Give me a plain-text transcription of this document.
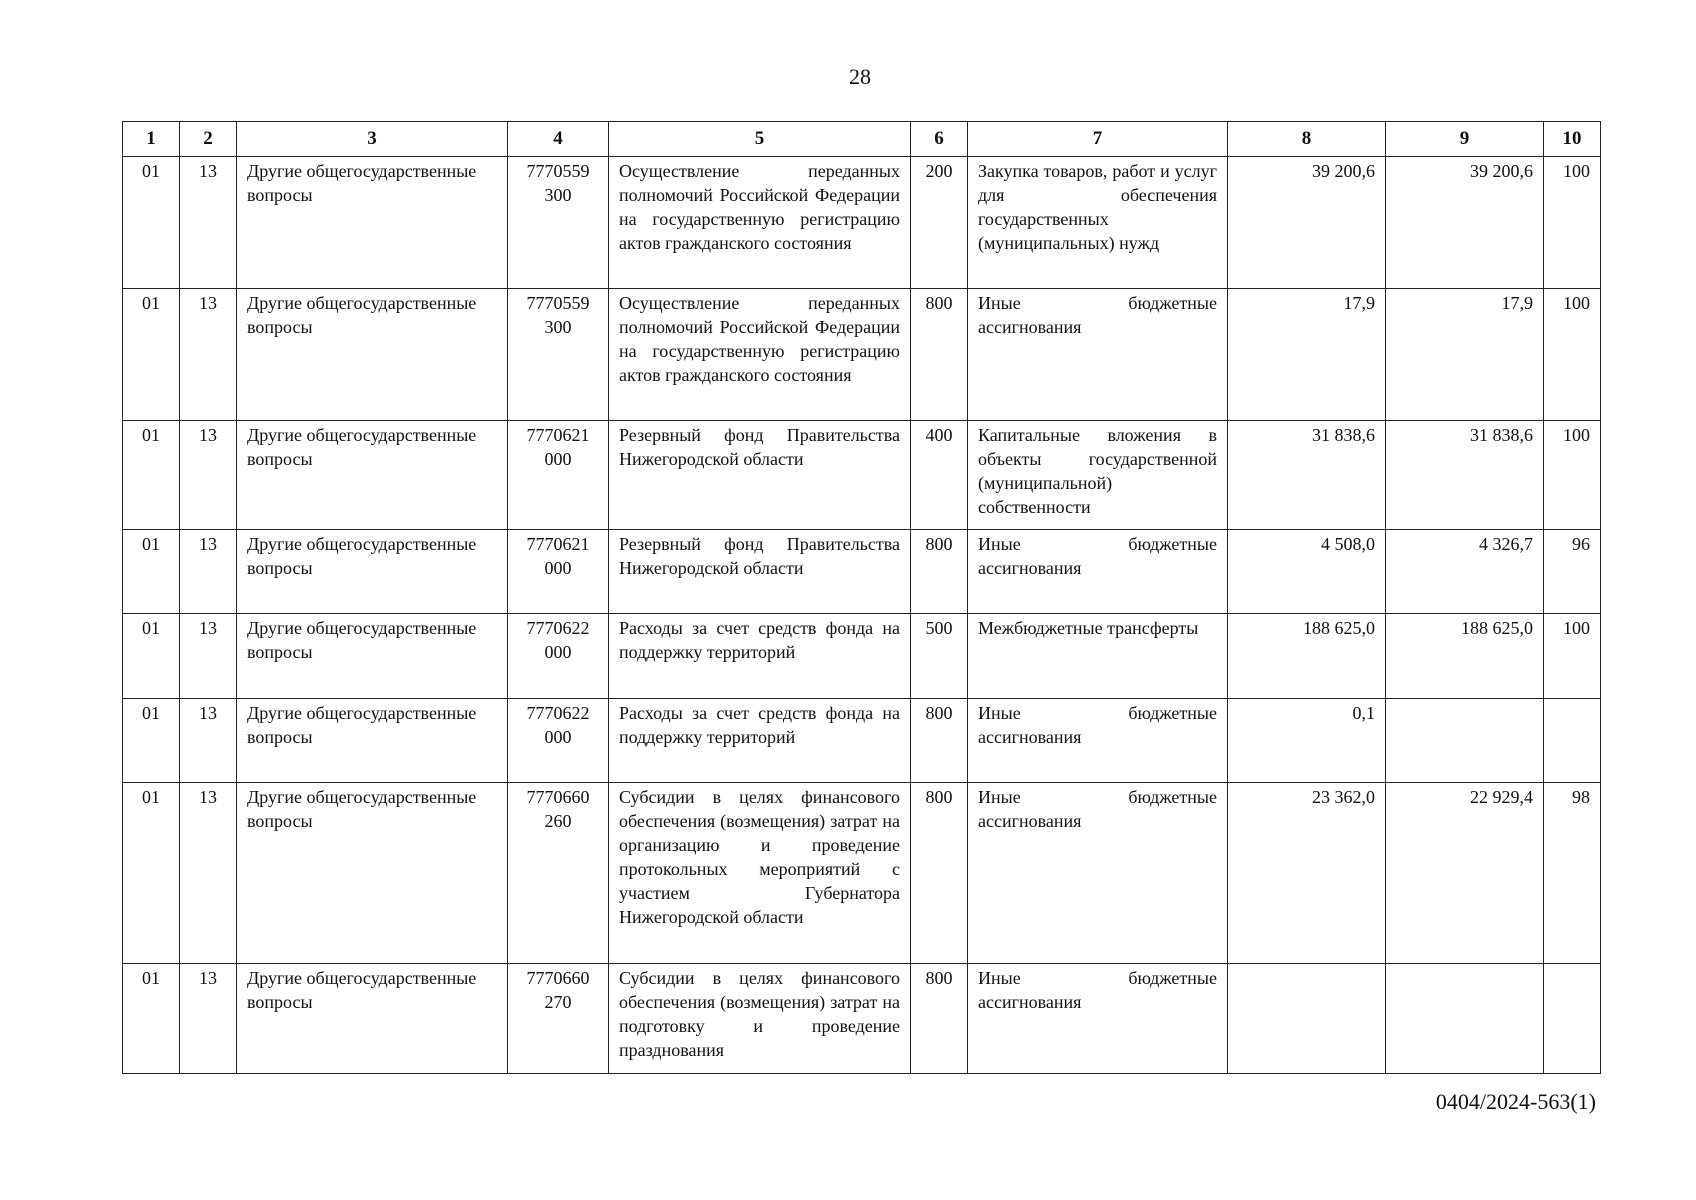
28
1	2	3	4	5	6	7	8	9	10
01	13	Другие общегосударственные вопросы	7770559 300	Осуществление переданных полномочий Российской Федерации на государственную регистрацию актов гражданского состояния	200	Закупка товаров, работ и услуг для обеспечения государственных (муниципальных) нужд	39 200,6	39 200,6	100
01	13	Другие общегосударственные вопросы	7770559 300	Осуществление переданных полномочий Российской Федерации на государственную регистрацию актов гражданского состояния	800	Иные бюджетные ассигнования	17,9	17,9	100
01	13	Другие общегосударственные вопросы	7770621 000	Резервный фонд Правительства Нижегородской области	400	Капитальные вложения в объекты государственной (муниципальной) собственности	31 838,6	31 838,6	100
01	13	Другие общегосударственные вопросы	7770621 000	Резервный фонд Правительства Нижегородской области	800	Иные бюджетные ассигнования	4 508,0	4 326,7	96
01	13	Другие общегосударственные вопросы	7770622 000	Расходы за счет средств фонда на поддержку территорий	500	Межбюджетные трансферты	188 625,0	188 625,0	100
01	13	Другие общегосударственные вопросы	7770622 000	Расходы за счет средств фонда на поддержку территорий	800	Иные бюджетные ассигнования	0,1		
01	13	Другие общегосударственные вопросы	7770660 260	Субсидии в целях финансового обеспечения (возмещения) затрат на организацию и проведение протокольных мероприятий с участием Губернатора Нижегородской области	800	Иные бюджетные ассигнования	23 362,0	22 929,4	98
01	13	Другие общегосударственные вопросы	7770660 270	Субсидии в целях финансового обеспечения (возмещения) затрат на подготовку и проведение празднования	800	Иные бюджетные ассигнования			
0404/2024-563(1)
